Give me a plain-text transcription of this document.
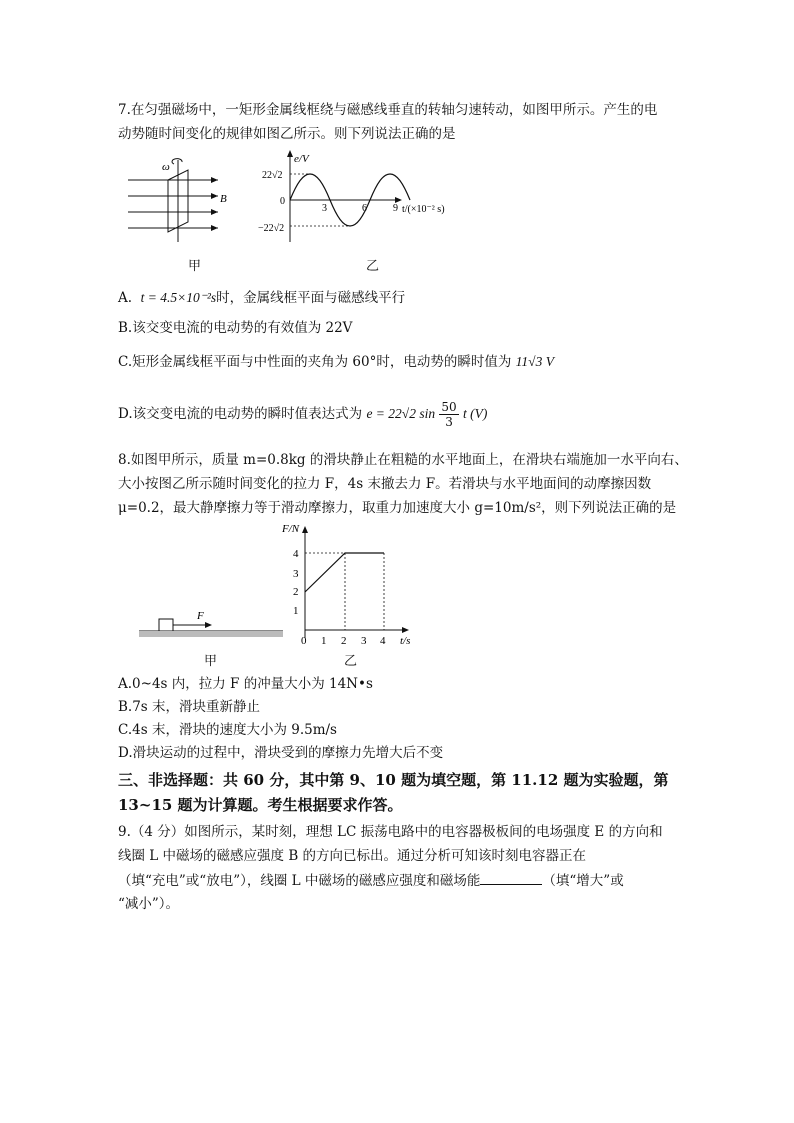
7.在匀强磁场中，一矩形金属线框绕与磁感线垂直的转轴匀速转动，如图甲所示。产生的电
动势随时间变化的规律如图乙所示。则下列说法正确的是
ω
B
甲
e/V
t/(×10⁻² s)
22√2
−22√2
0
3	6	9
乙
A. t = 4.5×10⁻²s时，金属线框平面与磁感线平行
B.该交变电流的电动势的有效值为 22V
C.矩形金属线框平面与中性面的夹角为 60°时，电动势的瞬时值为 11√3 V
D.该交变电流的电动势的瞬时值表达式为 e = 22√2 $\sin \frac{50}{3}$ t (V)
8.如图甲所示，质量 m=0.8kg 的滑块静止在粗糙的水平地面上，在滑块右端施加一水平向右、
大小按图乙所示随时间变化的拉力 F，4s 末撤去力 F。若滑块与水平地面间的动摩擦因数
μ=0.2，最大静摩擦力等于滑动摩擦力，取重力加速度大小 g=10m/s²，则下列说法正确的是
F
甲
F/N
t/s
1
2
3
4
0 1 2 3 4
乙
A.0~4s 内，拉力 F 的冲量大小为 14N•s
B.7s 末，滑块重新静止
C.4s 末，滑块的速度大小为 9.5m/s
D.滑块运动的过程中，滑块受到的摩擦力先增大后不变
三、非选择题：共 60 分，其中第 9、10 题为填空题，第 11.12 题为实验题，第
13~15 题为计算题。考生根据要求作答。
9.（4 分）如图所示，某时刻，理想 LC 振荡电路中的电容器极板间的电场强度 E 的方向和
线圈 L 中磁场的磁感应强度 B 的方向已标出。通过分析可知该时刻电容器正在
（填“充电”或“放电”），线圈 L 中磁场的磁感应强度和磁场能	（填“增大”或
“减小”）。
